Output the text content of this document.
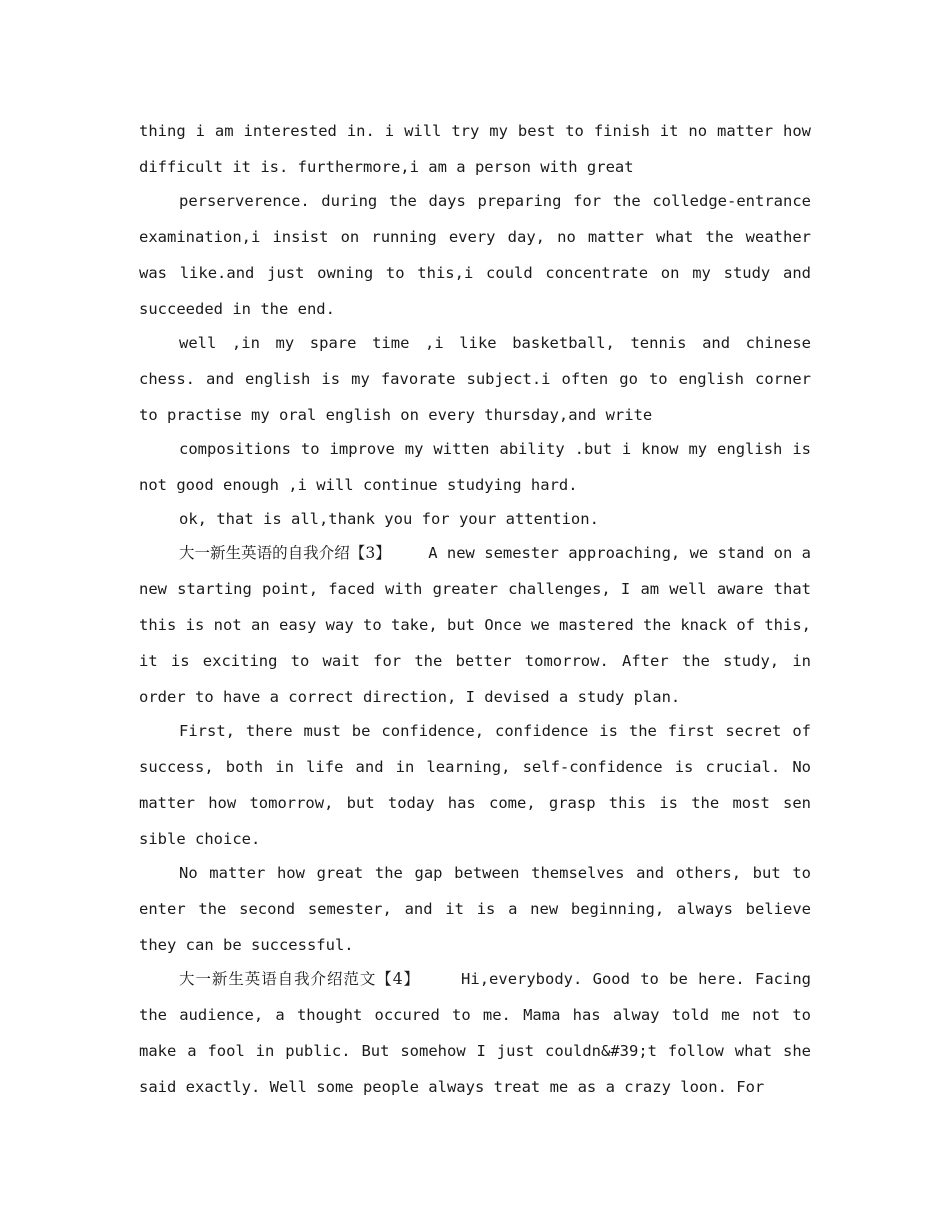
thing i am interested in. i will try my best to finish it no matter how difficult it is. furthermore,i am a person with great

perserverence. during the days preparing for the colledge-entrance examination,i insist on running every day, no matter what the weather was like.and just owning to this,i could concentrate on my study and succeeded in the end.

well ,in my spare time ,i like basketball, tennis and chinese chess. and english is my favorate subject.i often go to english corner to practise my oral english on every thursday,and write

compositions to improve my witten ability .but i know my english is not good enough ,i will continue studying hard.

ok, that is all,thank you for your attention.

大一新生英语的自我介绍【3】 A new semester approaching, we stand on a new starting point, faced with greater challenges, I am well aware that this is not an easy way to take, but Once we mastered the knack of this, it is exciting to wait for the better tomorrow. After the study, in order to have a correct direction, I devised a study plan.

First, there must be confidence, confidence is the first secret of success, both in life and in learning, self-confidence is crucial. No matter how tomorrow, but today has come, grasp this is the most sen sible choice.

No matter how great the gap between themselves and others, but to enter the second semester, and it is a new beginning, always believe they can be successful.

大一新生英语自我介绍范文【4】	Hi,everybody. Good to be here. Facing the audience, a thought occured to me. Mama has alway told me not to make a fool in public. But somehow I just couldn&#39;t follow what she said exactly. Well some people always treat me as a crazy loon. For
